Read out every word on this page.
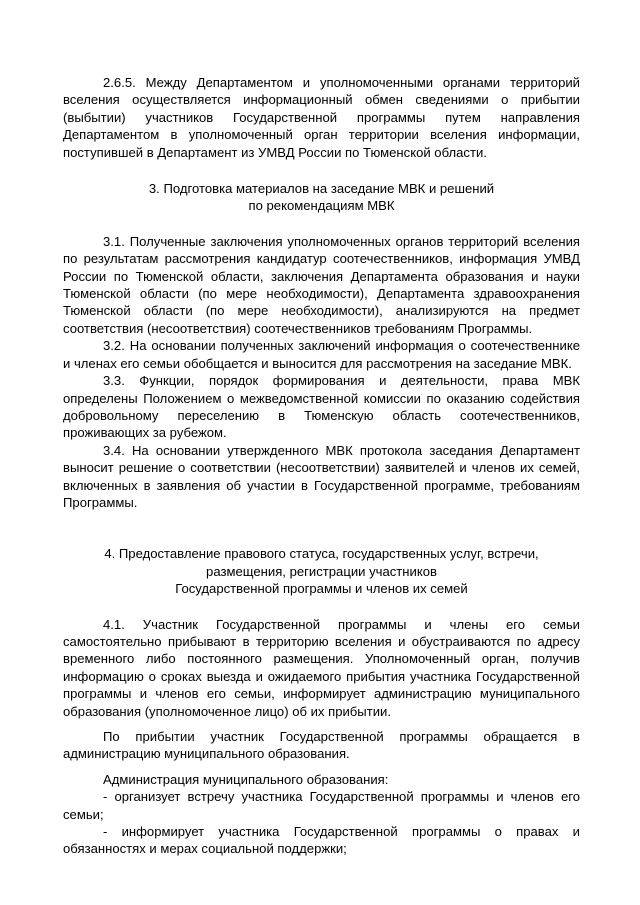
2.6.5. Между Департаментом и уполномоченными органами территорий вселения осуществляется информационный обмен сведениями о прибытии (выбытии) участников Государственной программы путем направления Департаментом в уполномоченный орган территории вселения информации, поступившей в Департамент из УМВД России по Тюменской области.

3. Подготовка материалов на заседание МВК и решений
по рекомендациям МВК

3.1. Полученные заключения уполномоченных органов территорий вселения по результатам рассмотрения кандидатур соотечественников, информация УМВД России по Тюменской области, заключения Департамента образования и науки Тюменской области (по мере необходимости), Департамента здравоохранения Тюменской области (по мере необходимости), анализируются на предмет соответствия (несоответствия) соотечественников требованиям Программы.

3.2. На основании полученных заключений информация о соотечественнике и членах его семьи обобщается и выносится для рассмотрения на заседание МВК.

3.3. Функции, порядок формирования и деятельности, права МВК определены Положением о межведомственной комиссии по оказанию содействия добровольному переселению в Тюменскую область соотечественников, проживающих за рубежом.

3.4. На основании утвержденного МВК протокола заседания Департамент выносит решение о соответствии (несоответствии) заявителей и членов их семей, включенных в заявления об участии в Государственной программе, требованиям Программы.

4. Предоставление правового статуса, государственных услуг, встречи,
размещения, регистрации участников
Государственной программы и членов их семей

4.1. Участник Государственной программы и члены его семьи самостоятельно прибывают в территорию вселения и обустраиваются по адресу временного либо постоянного размещения. Уполномоченный орган, получив информацию о сроках выезда и ожидаемого прибытия участника Государственной программы и членов его семьи, информирует администрацию муниципального образования (уполномоченное лицо) об их прибытии.

По прибытии участник Государственной программы обращается в администрацию муниципального образования.

Администрация муниципального образования:

- организует встречу участника Государственной программы и членов его семьи;

- информирует участника Государственной программы о правах и обязанностях и мерах социальной поддержки;
